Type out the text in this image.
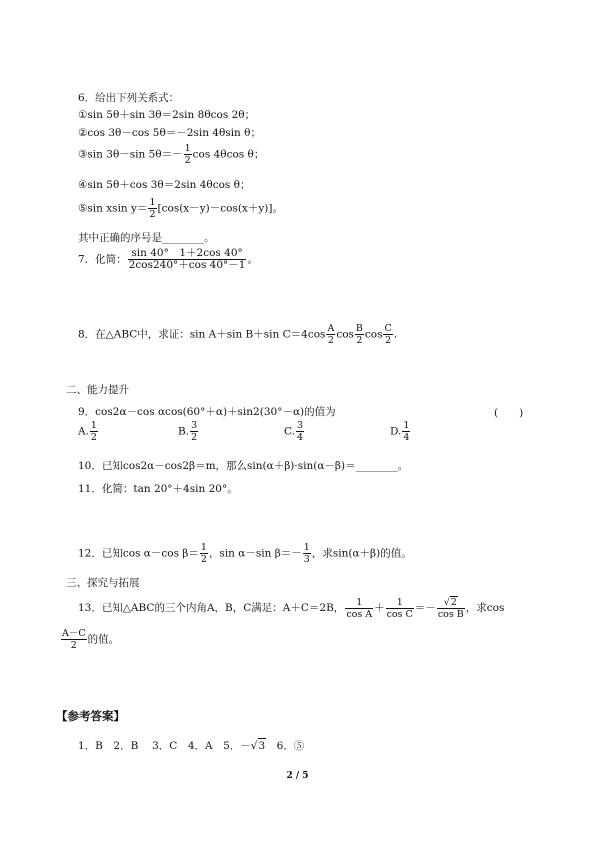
6．给出下列关系式：
①sin 5θ＋sin 3θ＝2sin 8θcos 2θ；
②cos 3θ－cos 5θ＝－2sin 4θsin θ；
③sin 3θ－sin $5\theta=- \frac{1}{2}$ cos 4θcos θ；
④sin 5θ＋cos 3θ＝2sin 4θcos θ；
⑤sin xsin $y= \frac{1}{2} [\cos(x-y)-\cos(x+y)]$。
其中正确的序号是________。
7．化简： $\frac{\sin 40^\circ 1+2\cos 40^\circ}{2\cos 240^\circ+\cos 40^\circ-1}$ 。
8．在△ABC中，求证：sin A＋sin B＋sin $C=4\cos \frac{A}{2}$ $\cos \frac{B}{2}$ $\cos \frac{C}{2}$ .
二、能力提升
9．cos2α－cos αcos(60°＋α)＋sin2(30°－α)的值为	(　　)
A. $\frac{1}{2}$	B. $\frac{3}{2}$	C. $\frac{3}{4}$	D. $\frac{1}{4}$
10．已知cos2α－cos2β＝m，那么sin(α＋β)·sin(α－β)＝________。
11．化简：tan 20°＋4sin 20°。
12．已知cos α－cos $\beta= \frac{1}{2}$ ，sin α－sin $\beta=- \frac{1}{3}$ ，求sin(α＋β)的值。
三、探究与拓展
13．已知△ABC的三个内角A，B，C满足：A＋C＝2B， $\frac{1}{\text{cos A}} + \frac{1}{\text{cos C}} =- \frac{√2}{\text{cos B}}$ ，求cos
$\frac{A-C}{2}$ 的值。
【参考答案】
1．B　2．B　 3．C　4．A　5．－√3　6．⑤
2 / 5
